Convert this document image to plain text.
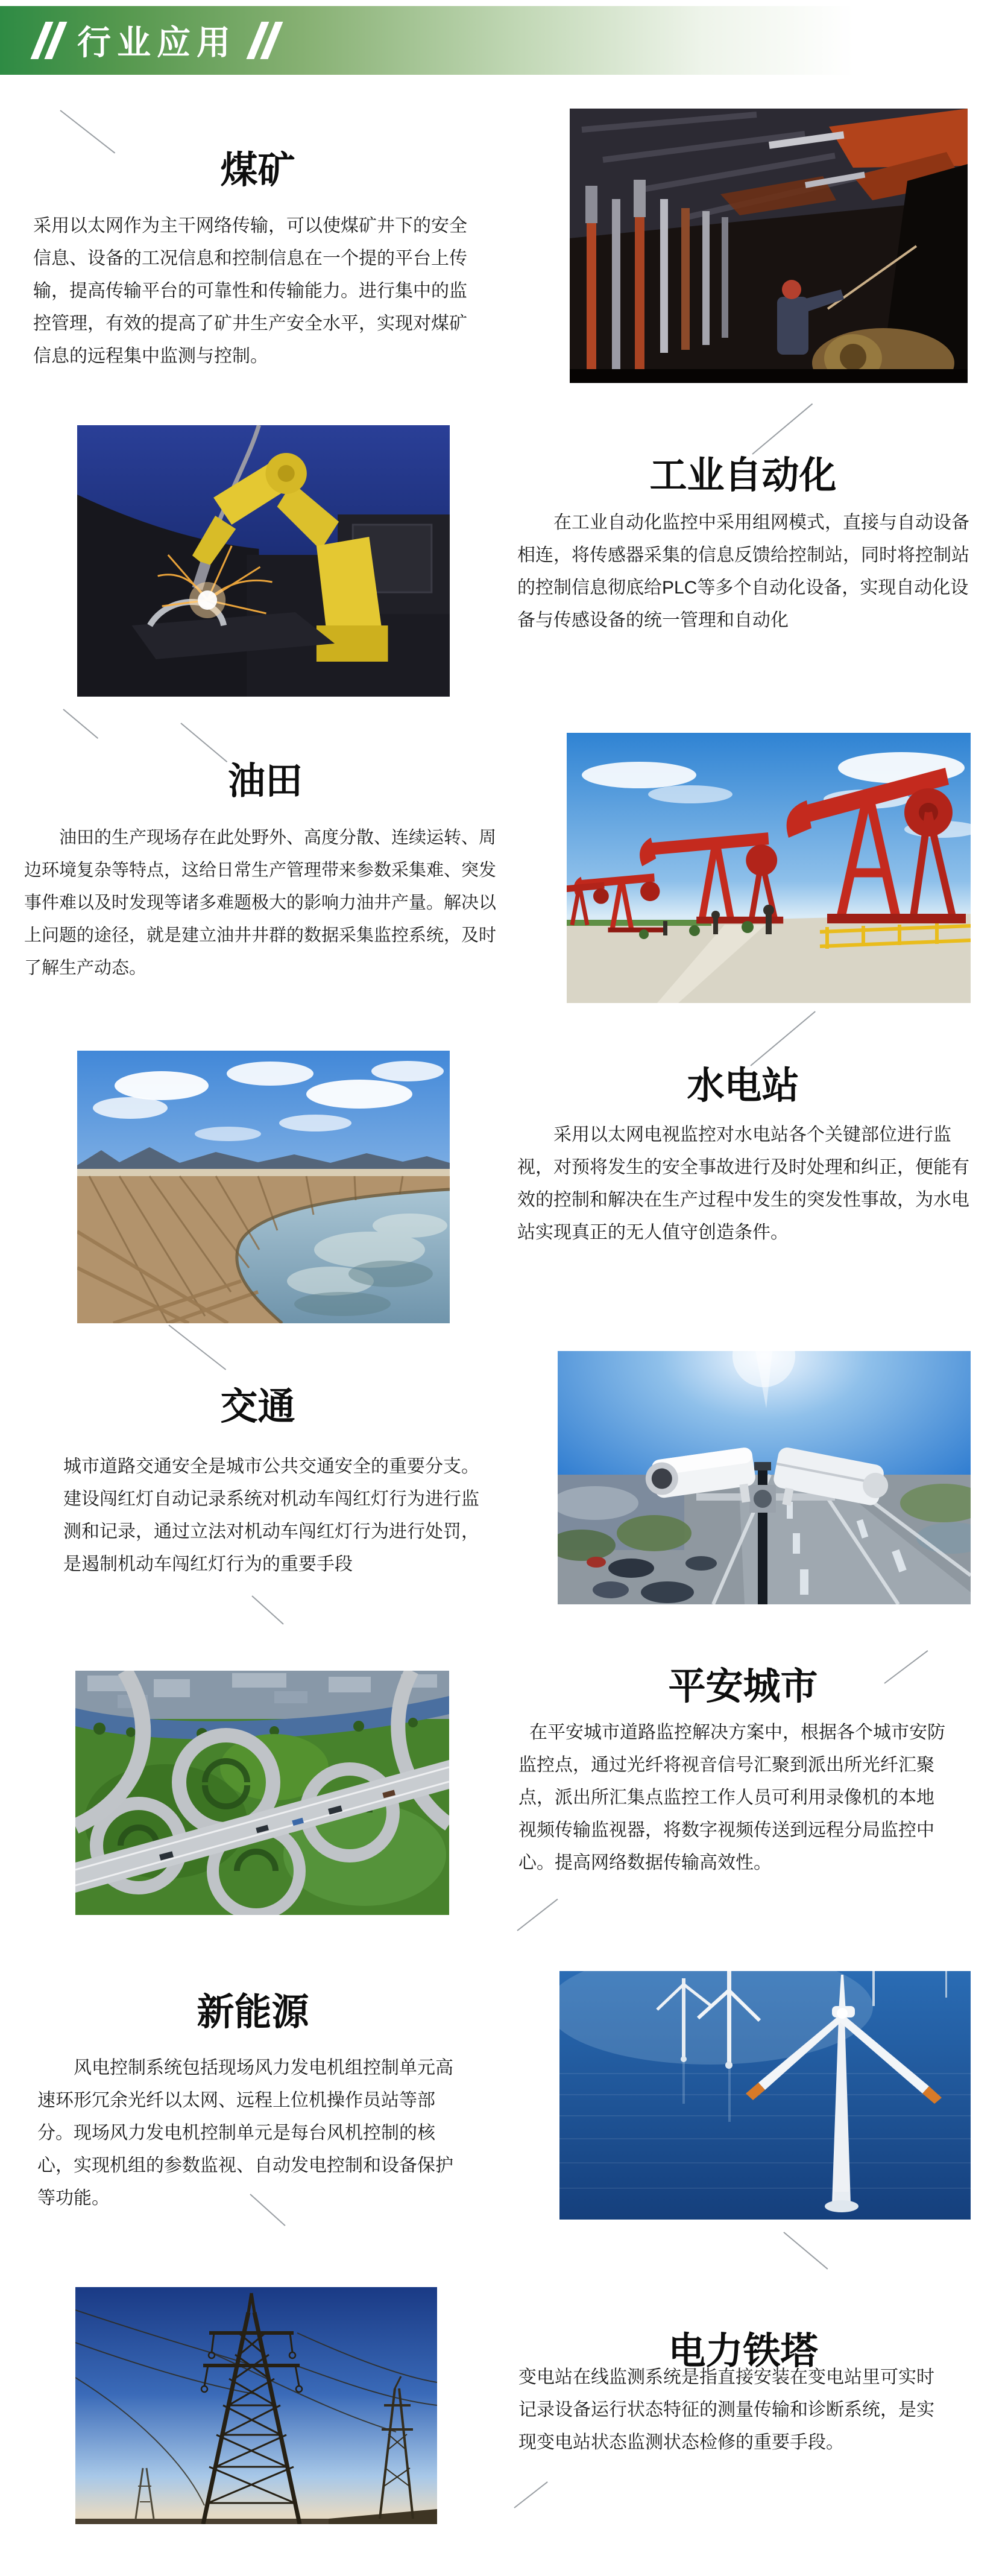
行业应用
煤矿

采用以太网作为主干网络传输，可以使煤矿井下的安全信息、设备的工况信息和控制信息在一个提的平台上传输，提高传输平台的可靠性和传输能力。进行集中的监控管理，有效的提高了矿井生产安全水平，实现对煤矿信息的远程集中监测与控制。

工业自动化

在工业自动化监控中采用组网模式，直接与自动设备相连，将传感器采集的信息反馈给控制站，同时将控制站的控制信息彻底给PLC等多个自动化设备，实现自动化设备与传感设备的统一管理和自动化

油田

油田的生产现场存在此处野外、高度分散、连续运转、周边环境复杂等特点，这给日常生产管理带来参数采集难、突发事件难以及时发现等诸多难题极大的影响力油井产量。解决以上问题的途径，就是建立油井井群的数据采集监控系统，及时了解生产动态。

水电站

采用以太网电视监控对水电站各个关键部位进行监视，对预将发生的安全事故进行及时处理和纠正，便能有效的控制和解决在生产过程中发生的突发性事故，为水电站实现真正的无人值守创造条件。

交通

城市道路交通安全是城市公共交通安全的重要分支。建设闯红灯自动记录系统对机动车闯红灯行为进行监测和记录，通过立法对机动车闯红灯行为进行处罚，是遏制机动车闯红灯行为的重要手段

平安城市

在平安城市道路监控解决方案中，根据各个城市安防监控点，通过光纤将视音信号汇聚到派出所光纤汇聚点，派出所汇集点监控工作人员可利用录像机的本地视频传输监视器，将数字视频传送到远程分局监控中心。提高网络数据传输高效性。

新能源

风电控制系统包括现场风力发电机组控制单元高速环形冗余光纤以太网、远程上位机操作员站等部分。现场风力发电机控制单元是每台风机控制的核心，实现机组的参数监视、自动发电控制和设备保护等功能。

电力铁塔

变电站在线监测系统是指直接安装在变电站里可实时记录设备运行状态特征的测量传输和诊断系统，是实现变电站状态监测状态检修的重要手段。
